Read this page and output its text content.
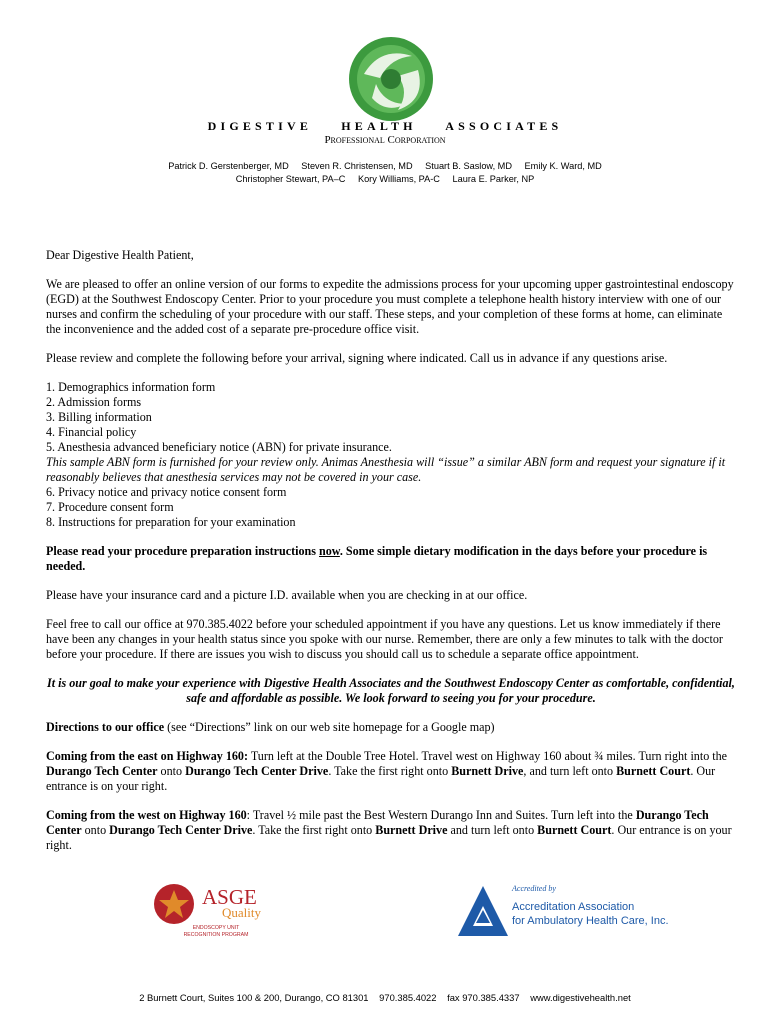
DIGESTIVE HEALTH ASSOCIATES
Professional Corporation
Patrick D. Gerstenberger, MD Steven R. Christensen, MD Stuart B. Saslow, MD Emily K. Ward, MD
Christopher Stewart, PA–C Kory Williams, PA-C Laura E. Parker, NP

Dear Digestive Health Patient,

We are pleased to offer an online version of our forms to expedite the admissions process for your upcoming upper gastrointestinal endoscopy (EGD) at the Southwest Endoscopy Center. Prior to your procedure you must complete a telephone health history interview with one of our nurses and confirm the scheduling of your procedure with our staff. These steps, and your completion of these forms at home, can eliminate the inconvenience and the added cost of a separate pre-procedure office visit.

Please review and complete the following before your arrival, signing where indicated. Call us in advance if any questions arise.

1. Demographics information form
2. Admission forms
3. Billing information
4. Financial policy
5. Anesthesia advanced beneficiary notice (ABN) for private insurance.
This sample ABN form is furnished for your review only. Animas Anesthesia will “issue” a similar ABN form and request your signature if it reasonably believes that anesthesia services may not be covered in your case.
6. Privacy notice and privacy notice consent form
7. Procedure consent form
8. Instructions for preparation for your examination

Please read your procedure preparation instructions now. Some simple dietary modification in the days before your procedure is needed.

Please have your insurance card and a picture I.D. available when you are checking in at our office.

Feel free to call our office at 970.385.4022 before your scheduled appointment if you have any questions. Let us know immediately if there have been any changes in your health status since you spoke with our nurse. Remember, there are only a few minutes to talk with the doctor before your procedure. If there are issues you wish to discuss you should call us to schedule a separate office appointment.

It is our goal to make your experience with Digestive Health Associates and the Southwest Endoscopy Center as comfortable, confidential, safe and affordable as possible. We look forward to seeing you for your procedure.

Directions to our office (see “Directions” link on our web site homepage for a Google map)

Coming from the east on Highway 160: Turn left at the Double Tree Hotel. Travel west on Highway 160 about ¾ miles. Turn right into the Durango Tech Center onto Durango Tech Center Drive. Take the first right onto Burnett Drive, and turn left onto Burnett Court. Our entrance is on your right.

Coming from the west on Highway 160: Travel ½ mile past the Best Western Durango Inn and Suites. Turn left into the Durango Tech Center onto Durango Tech Center Drive. Take the first right onto Burnett Drive and turn left onto Burnett Court. Our entrance is on your right.

ASGE
Quality
ENDOSCOPY UNIT
RECOGNITION PROGRAM
Accredited by
Accreditation Association
for Ambulatory Health Care, Inc.
2 Burnett Court, Suites 100 & 200, Durango, CO 81301 970.385.4022 fax 970.385.4337 www.digestivehealth.net
